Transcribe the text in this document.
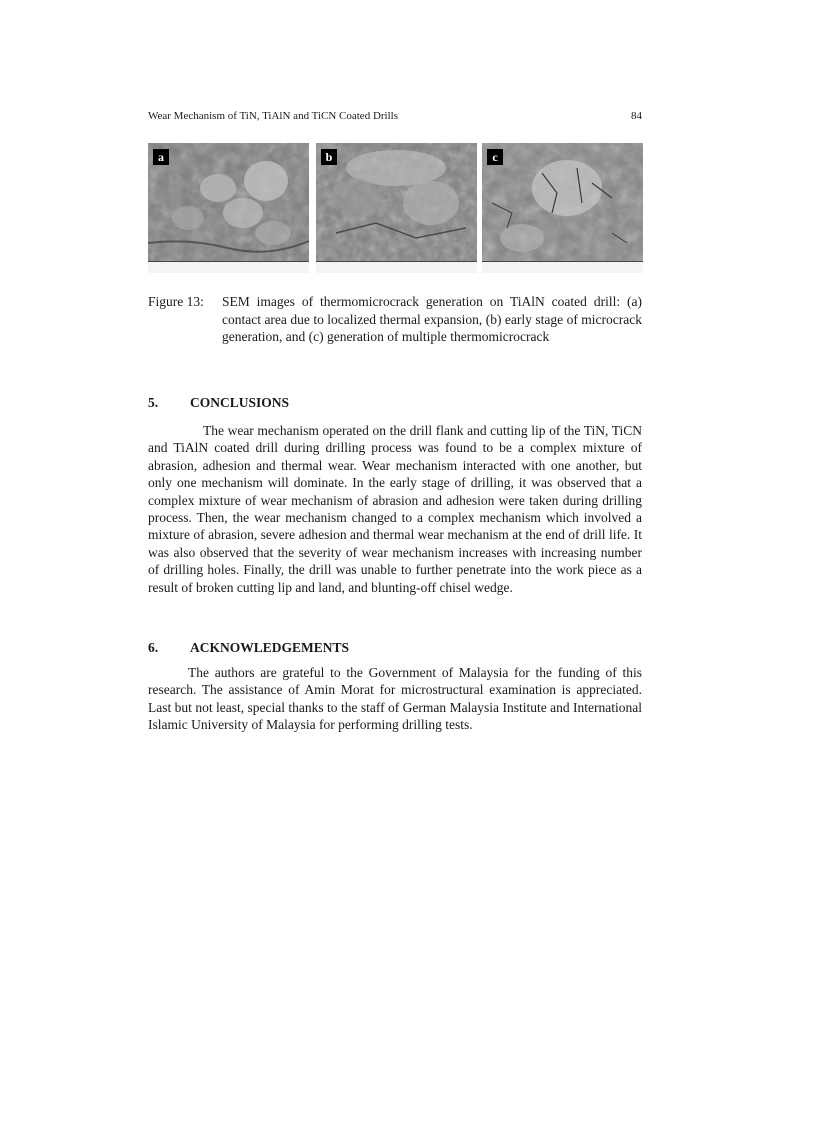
Wear Mechanism of TiN, TiAlN and TiCN Coated Drills	84
a	b	c
Figure 13: SEM images of thermomicrocrack generation on TiAlN coated drill: (a) contact area due to localized thermal expansion, (b) early stage of microcrack generation, and (c) generation of multiple thermomicrocrack
5. CONCLUSIONS
The wear mechanism operated on the drill flank and cutting lip of the TiN, TiCN and TiAlN coated drill during drilling process was found to be a complex mixture of abrasion, adhesion and thermal wear. Wear mechanism interacted with one another, but only one mechanism will dominate. In the early stage of drilling, it was observed that a complex mixture of wear mechanism of abrasion and adhesion were taken during drilling process. Then, the wear mechanism changed to a complex mechanism which involved a mixture of abrasion, severe adhesion and thermal wear mechanism at the end of drill life. It was also observed that the severity of wear mechanism increases with increasing number of drilling holes. Finally, the drill was unable to further penetrate into the work piece as a result of broken cutting lip and land, and blunting-off chisel wedge.
6. ACKNOWLEDGEMENTS
The authors are grateful to the Government of Malaysia for the funding of this research. The assistance of Amin Morat for microstructural examination is appreciated. Last but not least, special thanks to the staff of German Malaysia Institute and International Islamic University of Malaysia for performing drilling tests.
